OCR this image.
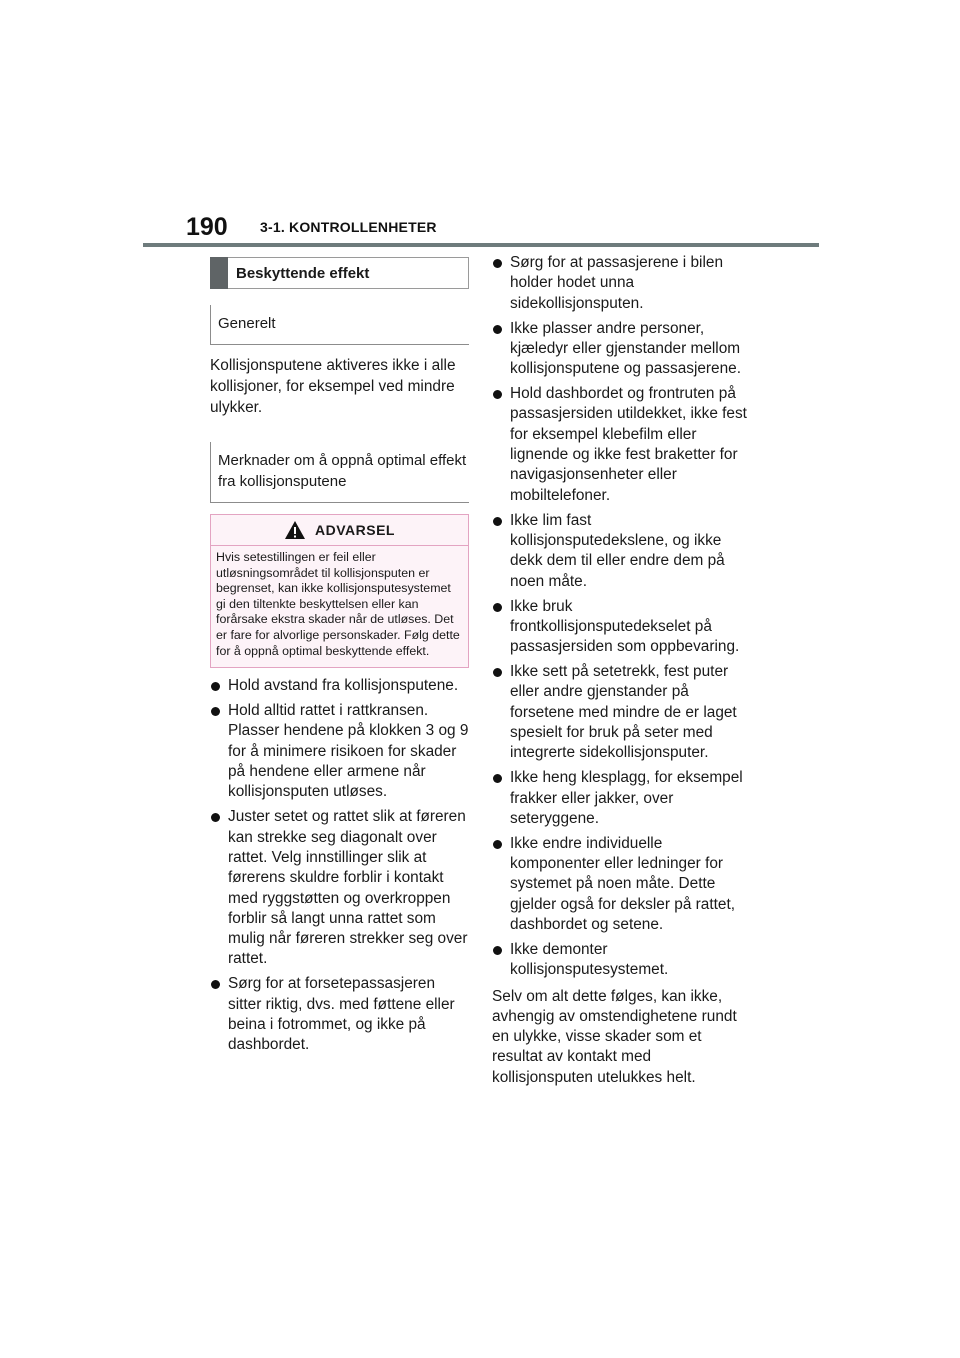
190 3-1. KONTROLLENHETER
Beskyttende effekt
Generelt

Kollisjonsputene aktiveres ikke i alle kollisjoner, for eksempel ved mindre ulykker.

Merknader om å oppnå optimal effekt fra kollisjonsputene
ADVARSEL
Hvis setestillingen er feil eller utløsningsområdet til kollisjonsputen er begrenset, kan ikke kollisjonsputesystemet gi den tiltenkte beskyttelsen eller kan forårsake ekstra skader når de utløses. Det er fare for alvorlige personskader. Følg dette for å oppnå optimal beskyttende effekt.
Hold avstand fra kollisjonsputene.
Hold alltid rattet i rattkransen. Plasser hendene på klokken 3 og 9 for å minimere risikoen for skader på hendene eller armene når kollisjonsputen utløses.
Juster setet og rattet slik at føreren kan strekke seg diagonalt over rattet. Velg innstillinger slik at førerens skuldre forblir i kontakt med ryggstøtten og overkroppen forblir så langt unna rattet som mulig når føreren strekker seg over rattet.
Sørg for at forsetepassasjeren sitter riktig, dvs. med føttene eller beina i fotrommet, og ikke på dashbordet.
Sørg for at passasjerene i bilen holder hodet unna sidekollisjonsputen.
Ikke plasser andre personer, kjæledyr eller gjenstander mellom kollisjonsputene og passasjerene.
Hold dashbordet og frontruten på passasjersiden utildekket, ikke fest for eksempel klebefilm eller lignende og ikke fest braketter for navigasjonsenheter eller mobiltelefoner.
Ikke lim fast kollisjonsputedekslene, og ikke dekk dem til eller endre dem på noen måte.
Ikke bruk frontkollisjonsputedekselet på passasjersiden som oppbevaring.
Ikke sett på setetrekk, fest puter eller andre gjenstander på forsetene med mindre de er laget spesielt for bruk på seter med integrerte sidekollisjonsputer.
Ikke heng klesplagg, for eksempel frakker eller jakker, over seteryggene.
Ikke endre individuelle komponenter eller ledninger for systemet på noen måte. Dette gjelder også for deksler på rattet, dashbordet og setene.
Ikke demonter kollisjonsputesystemet.

Selv om alt dette følges, kan ikke, avhengig av omstendighetene rundt en ulykke, visse skader som et resultat av kontakt med kollisjonsputen utelukkes helt.
